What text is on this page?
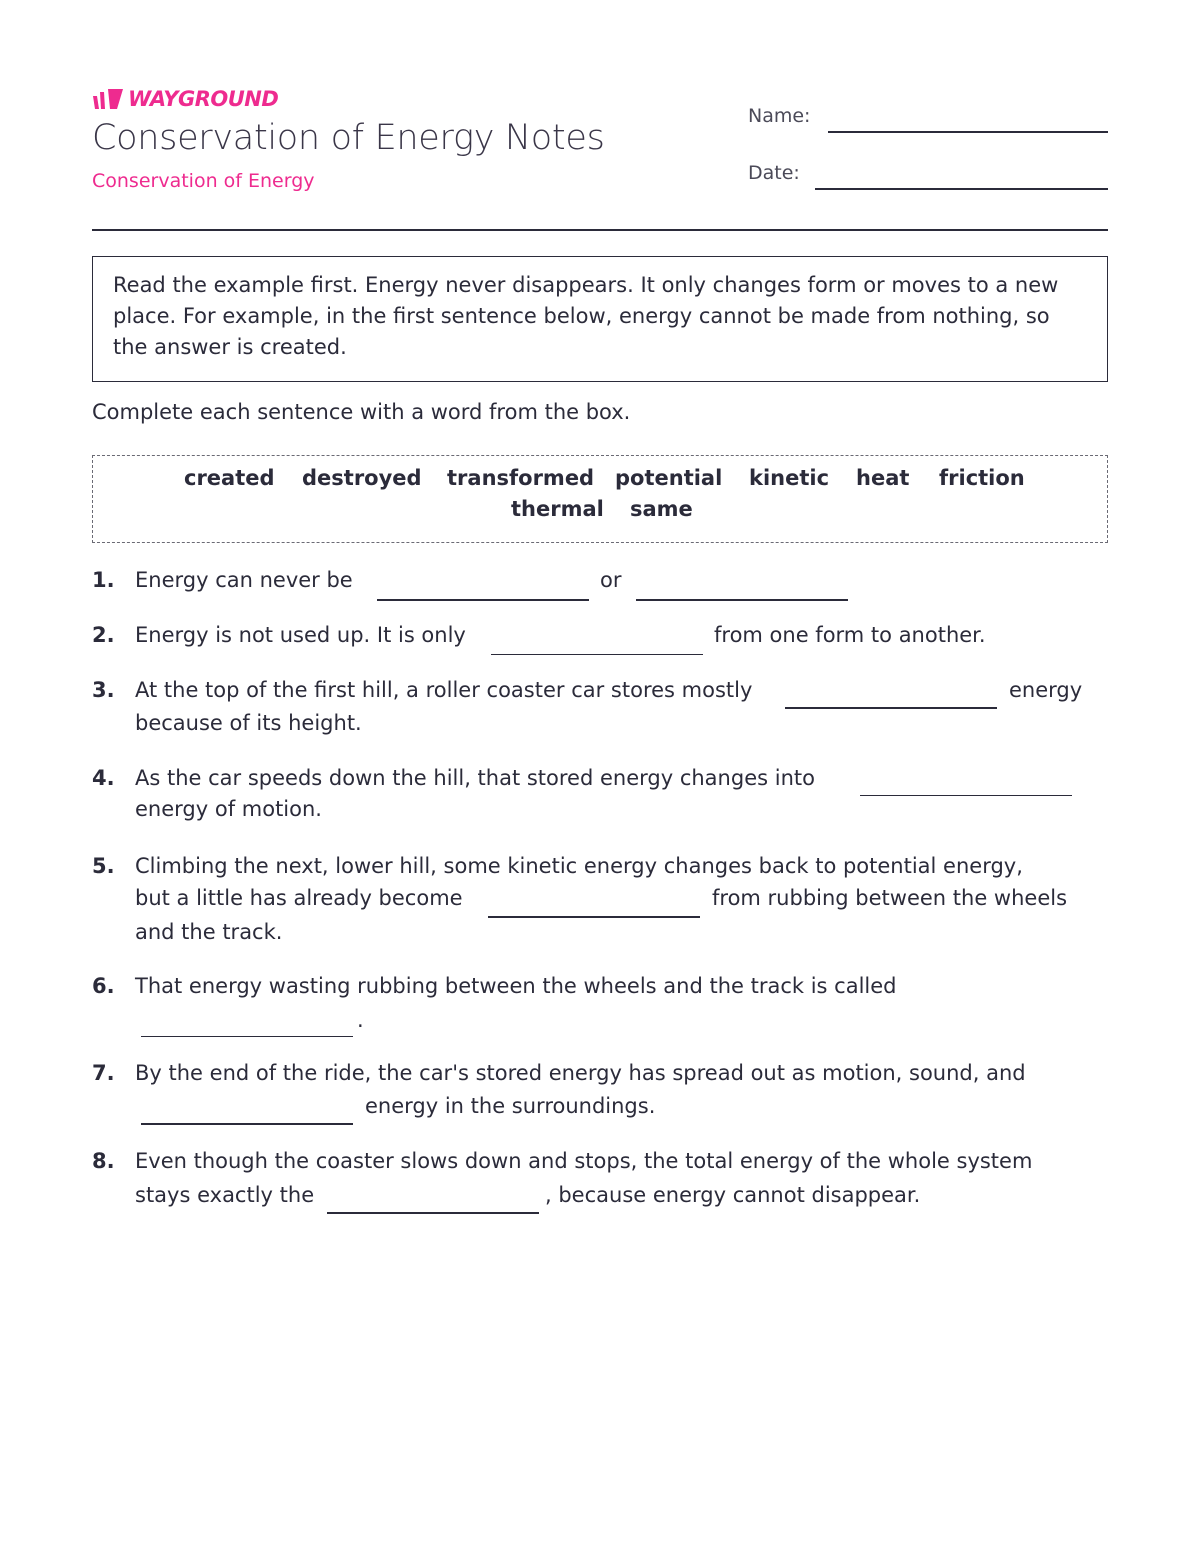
WAYGROUND
Conservation of Energy Notes
Conservation of Energy
Name:
Date:
Read the example first. Energy never disappears. It only changes form or moves to a new place. For example, in the first sentence below, energy cannot be made from nothing, so the answer is created.
Complete each sentence with a word from the box.
created destroyed transformed potential kinetic heat friction
thermal same
1. Energy can never be	or
2. Energy is not used up. It is only	from one form to another.
3. At the top of the first hill, a roller coaster car stores mostly	energy
because of its height.
4. As the car speeds down the hill, that stored energy changes into
energy of motion.
5. Climbing the next, lower hill, some kinetic energy changes back to potential energy,
but a little has already become	from rubbing between the wheels
and the track.
6. That energy wasting rubbing between the wheels and the track is called
.
7. By the end of the ride, the car's stored energy has spread out as motion, sound, and
energy in the surroundings.
8. Even though the coaster slows down and stops, the total energy of the whole system
stays exactly the	, because energy cannot disappear.
